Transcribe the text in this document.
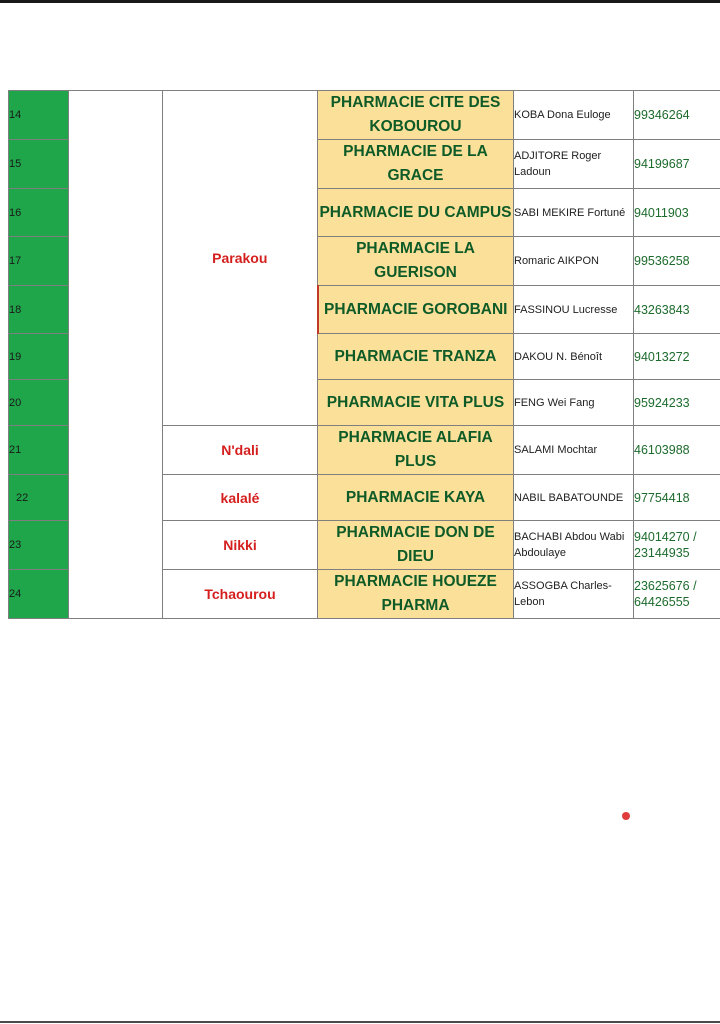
14		Parakou	PHARMACIE CITE DES KOBOUROU	KOBA Dona Euloge	99346264
15			PHARMACIE DE LA GRACE	ADJITORE Roger Ladoun	94199687
16			PHARMACIE DU CAMPUS	SABI MEKIRE Fortuné	94011903
17			PHARMACIE LA GUERISON	Romaric AIKPON	99536258
18			PHARMACIE GOROBANI	FASSINOU Lucresse	43263843
19			PHARMACIE TRANZA	DAKOU N. Bénoît	94013272
20			PHARMACIE VITA PLUS	FENG Wei Fang	95924233
21		N'dali	PHARMACIE ALAFIA PLUS	SALAMI Mochtar	46103988
22		kalalé	PHARMACIE KAYA	NABIL BABATOUNDE	97754418
23		Nikki	PHARMACIE DON DE DIEU	BACHABI Abdou Wabi Abdoulaye	94014270 / 23144935
24		Tchaourou	PHARMACIE HOUEZE PHARMA	ASSOGBA Charles-Lebon	23625676 / 64426555
